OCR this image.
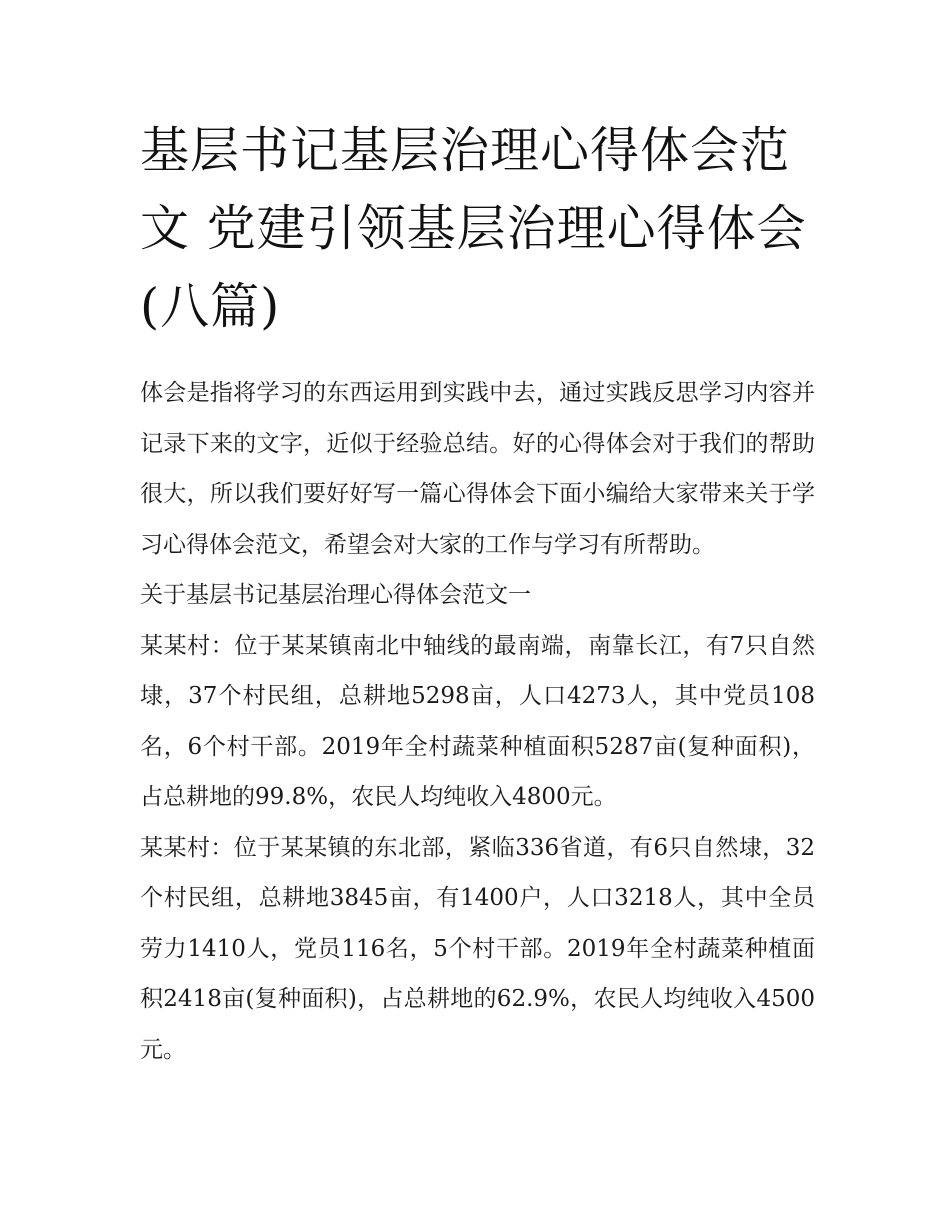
基层书记基层治理心得体会范文 党建引领基层治理心得体会(八篇)

体会是指将学习的东西运用到实践中去，通过实践反思学习内容并记录下来的文字，近似于经验总结。好的心得体会对于我们的帮助很大，所以我们要好好写一篇心得体会下面小编给大家带来关于学习心得体会范文，希望会对大家的工作与学习有所帮助。

关于基层书记基层治理心得体会范文一

某某村：位于某某镇南北中轴线的最南端，南靠长江，有7只自然埭，37个村民组，总耕地5298亩，人口4273人，其中党员108名，6个村干部。2019年全村蔬菜种植面积5287亩(复种面积)，占总耕地的99.8%，农民人均纯收入4800元。

某某村：位于某某镇的东北部，紧临336省道，有6只自然埭，32个村民组，总耕地3845亩，有1400户，人口3218人，其中全员劳力1410人，党员116名，5个村干部。2019年全村蔬菜种植面积2418亩(复种面积)，占总耕地的62.9%，农民人均纯收入4500元。
